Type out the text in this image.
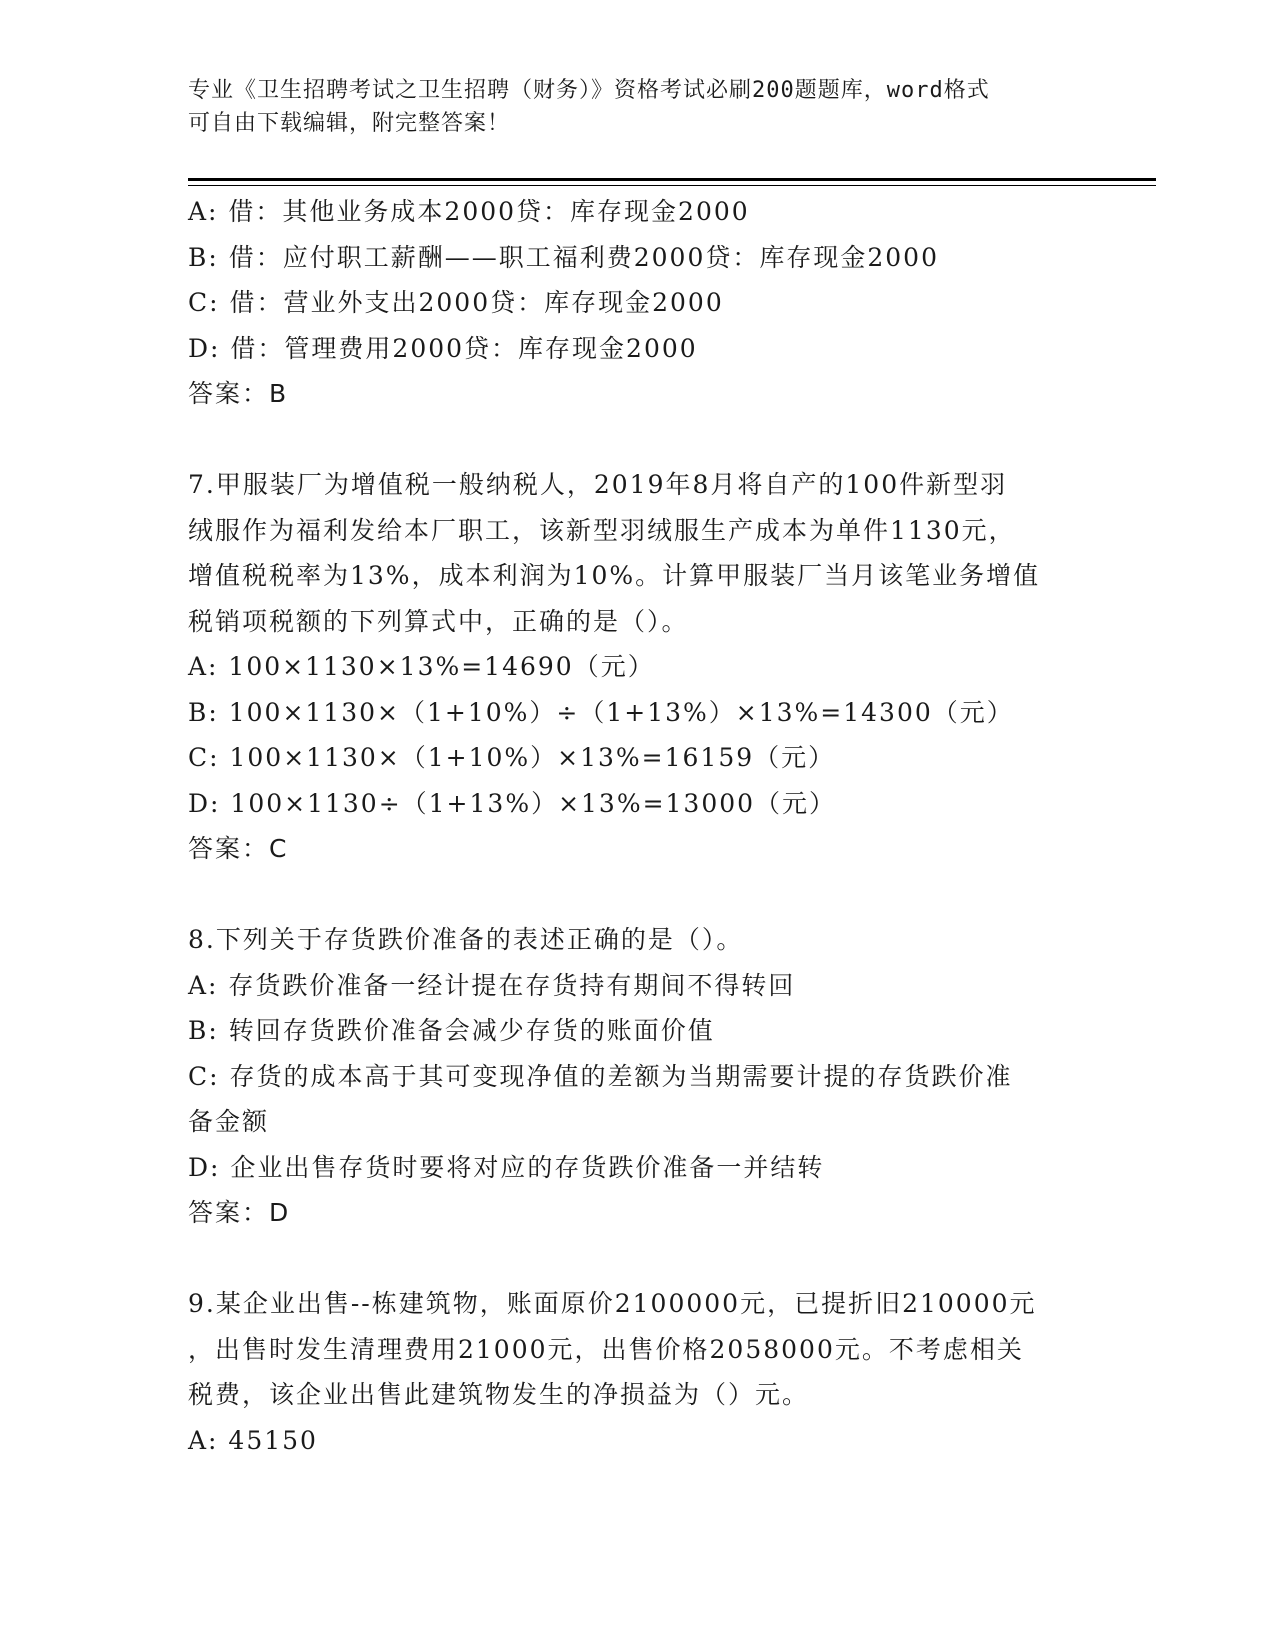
专业《卫生招聘考试之卫生招聘（财务）》资格考试必刷200题题库，word格式
可自由下载编辑，附完整答案！
A: 借：其他业务成本2000贷：库存现金2000
B: 借：应付职工薪酬——职工福利费2000贷：库存现金2000
C: 借：营业外支出2000贷：库存现金2000
D: 借：管理费用2000贷：库存现金2000
答案：B
7.甲服装厂为增值税一般纳税人，2019年8月将自产的100件新型羽
绒服作为福利发给本厂职工，该新型羽绒服生产成本为单件1130元，
增值税税率为13%，成本利润为10%。计算甲服装厂当月该笔业务增值
税销项税额的下列算式中，正确的是（）。
A: 100×1130×13%=14690（元）
B: 100×1130×（1+10%）÷（1+13%）×13%=14300（元）
C: 100×1130×（1+10%）×13%=16159（元）
D: 100×1130÷（1+13%）×13%=13000（元）
答案：C
8.下列关于存货跌价准备的表述正确的是（）。
A: 存货跌价准备一经计提在存货持有期间不得转回
B: 转回存货跌价准备会减少存货的账面价值
C: 存货的成本高于其可变现净值的差额为当期需要计提的存货跌价准
备金额
D: 企业出售存货时要将对应的存货跌价准备一并结转
答案：D
9.某企业出售--栋建筑物，账面原价2100000元，已提折旧210000元
，出售时发生清理费用21000元，出售价格2058000元。不考虑相关
税费，该企业出售此建筑物发生的净损益为（）元。
A: 45150
